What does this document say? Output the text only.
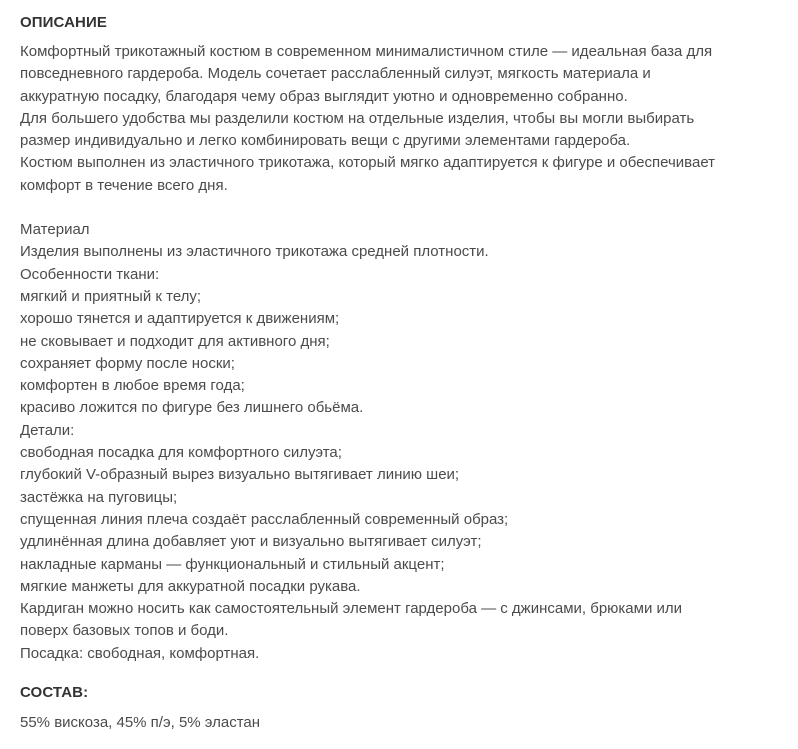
ОПИСАНИЕ
Комфортный трикотажный костюм в современном минималистичном стиле — идеальная база для
повседневного гардероба. Модель сочетает расслабленный силуэт, мягкость материала и
аккуратную посадку, благодаря чему образ выглядит уютно и одновременно собранно.
Для большего удобства мы разделили костюм на отдельные изделия, чтобы вы могли выбирать
размер индивидуально и легко комбинировать вещи с другими элементами гардероба.
Костюм выполнен из эластичного трикотажа, который мягко адаптируется к фигуре и обеспечивает
комфорт в течение всего дня.
Материал
Изделия выполнены из эластичного трикотажа средней плотности.
Особенности ткани:
мягкий и приятный к телу;
хорошо тянется и адаптируется к движениям;
не сковывает и подходит для активного дня;
сохраняет форму после носки;
комфортен в любое время года;
красиво ложится по фигуре без лишнего обьёма.
Детали:
свободная посадка для комфортного силуэта;
глубокий V-образный вырез визуально вытягивает линию шеи;
застёжка на пуговицы;
спущенная линия плеча создаёт расслабленный современный образ;
удлинённая длина добавляет уют и визуально вытягивает силуэт;
накладные карманы — функциональный и стильный акцент;
мягкие манжеты для аккуратной посадки рукава.
Кардиган можно носить как самостоятельный элемент гардероба — с джинсами, брюками или
поверх базовых топов и боди.
Посадка: свободная, комфортная.
СОСТАВ:

55% вискоза, 45% п/э, 5% эластан
